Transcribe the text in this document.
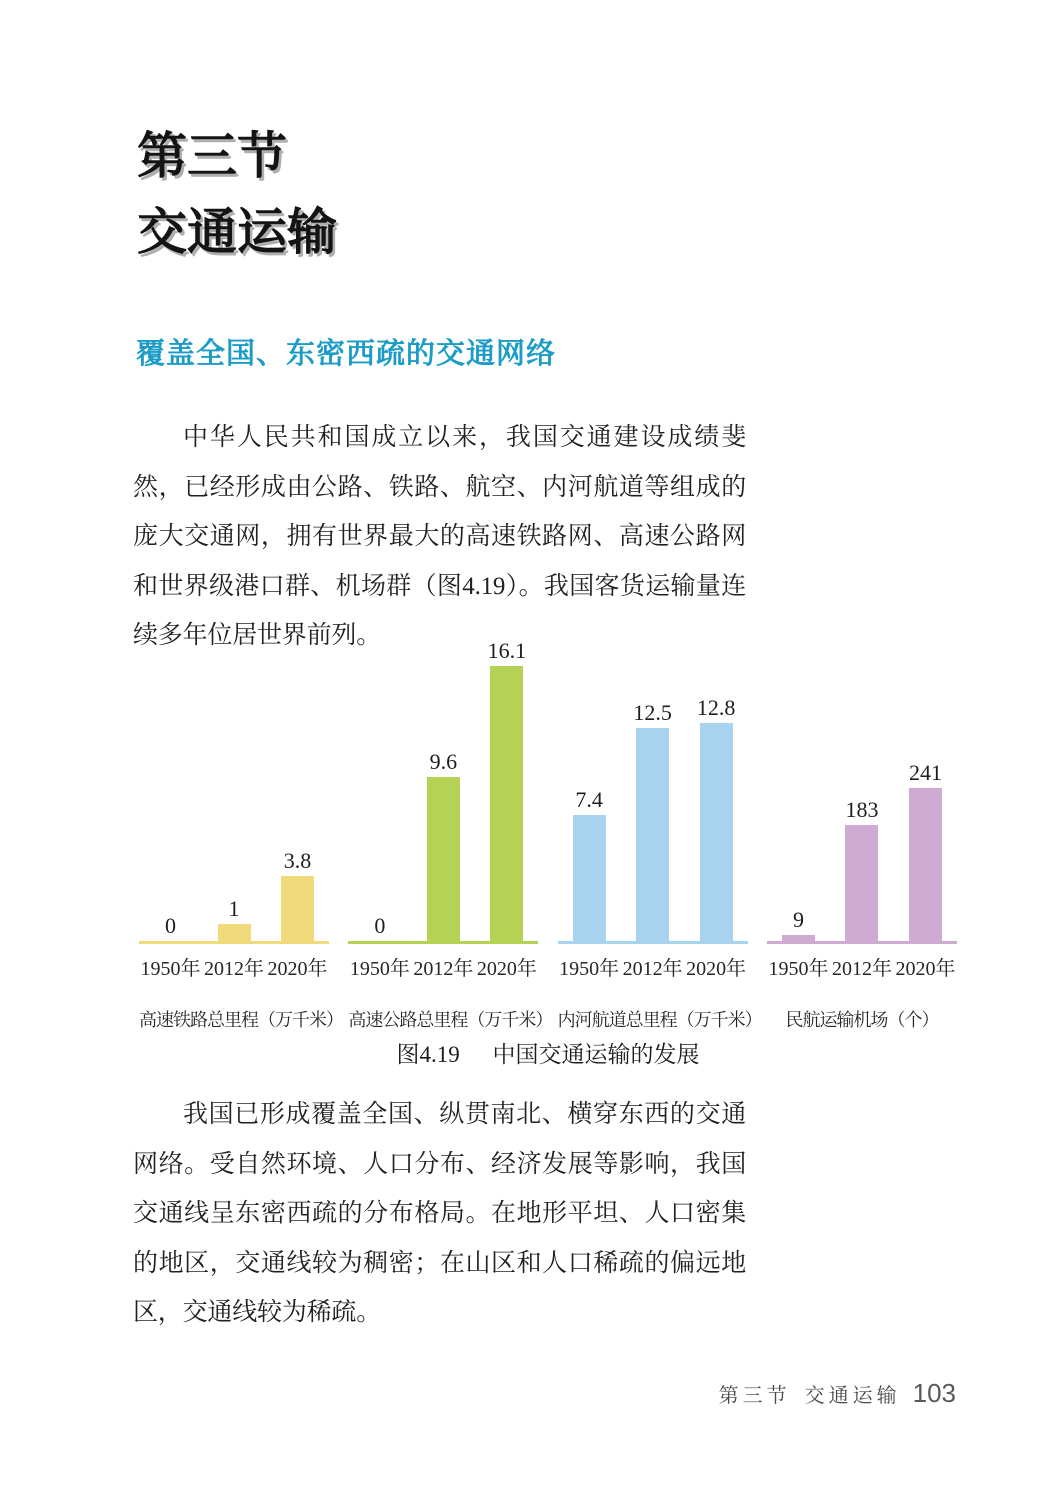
第三节
交通运输
覆盖全国、东密西疏的交通网络

中华人民共和国成立以来，我国交通建设成绩斐然，已经形成由公路、铁路、航空、内河航道等组成的庞大交通网，拥有世界最大的高速铁路网、高速公路网和世界级港口群、机场群（图4.19）。我国客货运输量连续多年位居世界前列。

0
1
3.8
1950年 2012年 2020年
高速铁路总里程（万千米）
0
9.6
16.1
1950年 2012年 2020年
高速公路总里程（万千米）
7.4
12.5 12.8
1950年 2012年 2020年
内河航道总里程（万千米）
9
183
241
1950年 2012年 2020年
民航运输机场（个）
图4.19 中国交通运输的发展

我国已形成覆盖全国、纵贯南北、横穿东西的交通网络。受自然环境、人口分布、经济发展等影响，我国交通线呈东密西疏的分布格局。在地形平坦、人口密集的地区，交通线较为稠密；在山区和人口稀疏的偏远地区，交通线较为稀疏。

第三节 交通运输 103
